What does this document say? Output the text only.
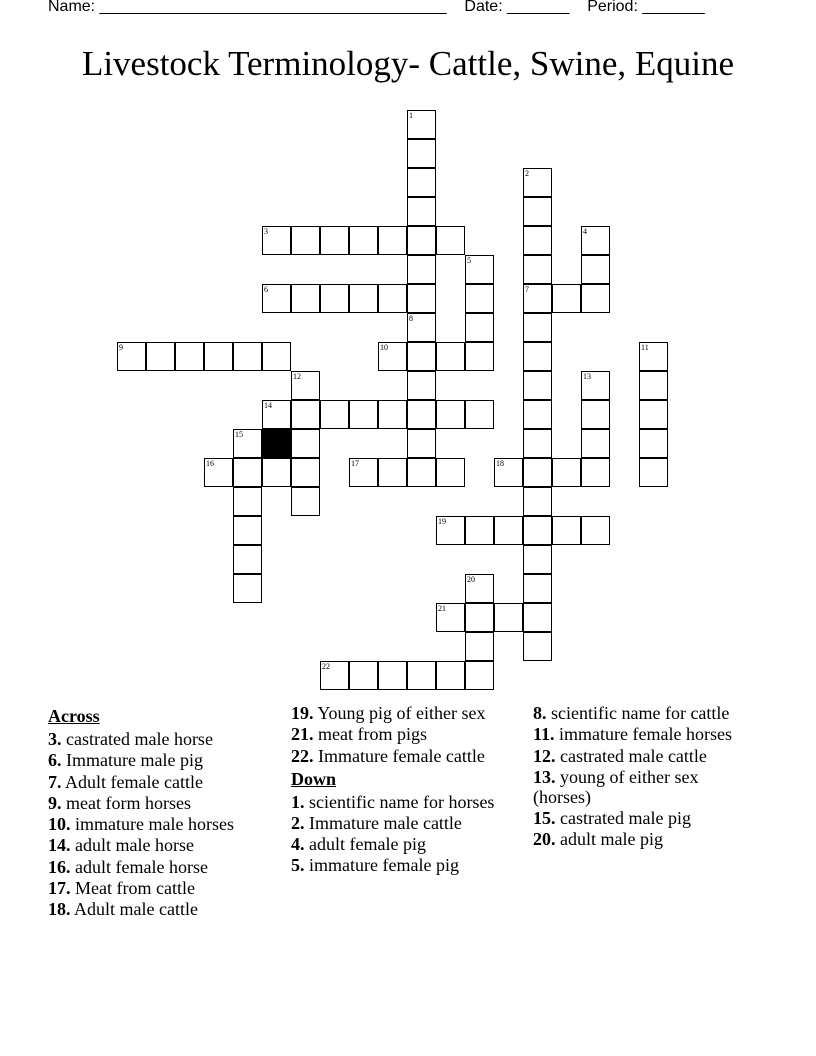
Name: _______________________________________ Date: _______ Period: _______
Livestock Terminology- Cattle, Swine, Equine
1
8
2
7
4
5
11
12	13
15
20
3
6
9	10
14
16	17	18
19
21
22
Across
3. castrated male horse
6. Immature male pig
7. Adult female cattle
9. meat form horses
10. immature male horses
14. adult male horse
16. adult female horse
17. Meat from cattle
18. Adult male cattle
19. Young pig of either sex
21. meat from pigs
22. Immature female cattle
Down
1. scientific name for horses
2. Immature male cattle
4. adult female pig
5. immature female pig
8. scientific name for cattle
11. immature female horses
12. castrated male cattle
13. young of either sex (horses)
15. castrated male pig
20. adult male pig
